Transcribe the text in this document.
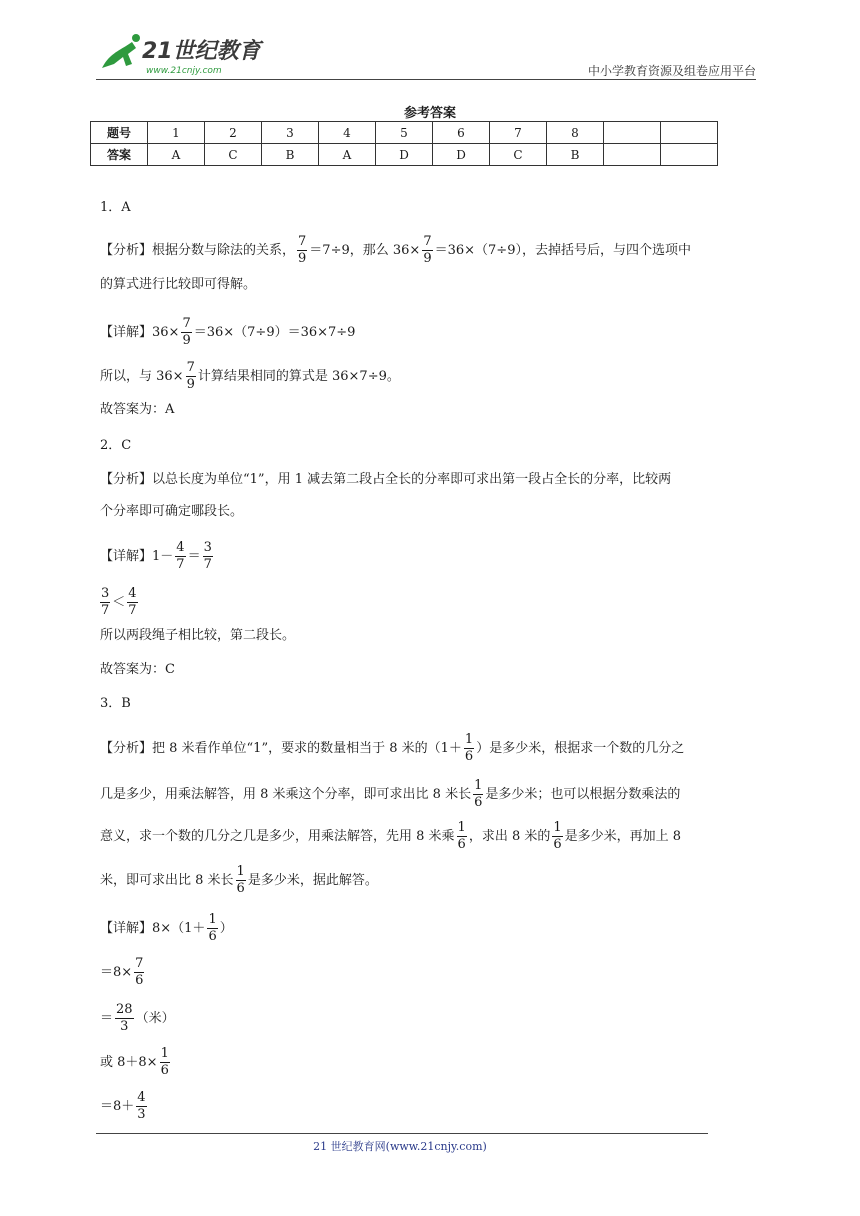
21世纪教育
www.21cnjy.com	中小学教育资源及组卷应用平台
参考答案
题号	1	2	3	4	5	6	7	8		
答案	A	C	B	A	D	D	C	B		
1．A
【分析】根据分数与除法的关系， $\frac{7}{9} =7\div 9$，那么 $36\times \frac{7}{9} =36\times(7\div 9)$，去掉括号后，与四个选项中
的算式进行比较即可得解。
【详解】$36\times \frac{7}{9} =36\times(7\div 9)=36\times 7\div 9$
所以，与 $36\times \frac{7}{9}$ 计算结果相同的算式是 36×7÷9。
故答案为：A
2．C
【分析】以总长度为单位“1”，用 1 减去第二段占全长的分率即可求出第一段占全长的分率，比较两
个分率即可确定哪段长。
【详解】$1- \frac{4}{7} = \frac{3}{7}$
$\frac{3}{7} < \frac{4}{7}$
所以两段绳子相比较，第二段长。
故答案为：C
3．B
【分析】把 8 米看作单位“1”，要求的数量相当于 8 米的（$1+ \frac{1}{6}$ ）是多少米，根据求一个数的几分之
几是多少，用乘法解答，用 8 米乘这个分率，即可求出比 8 米长 $\frac{1}{6}$ 是多少米；也可以根据分数乘法的
意义，求一个数的几分之几是多少，用乘法解答，先用 8 米乘 $\frac{1}{6}$ ，求出 8 米的 $\frac{1}{6}$ 是多少米，再加上 8
米，即可求出比 8 米长 $\frac{1}{6}$ 是多少米，据此解答。
【详解】$8\times(1+ \frac{1}{6}$ ）
$=8\times \frac{7}{6}$
＝ $\frac{28}{3}$ （米）
或 $8+8\times \frac{1}{6}$
$=8+ \frac{4}{3}$
21 世纪教育网(www.21cnjy.com)
